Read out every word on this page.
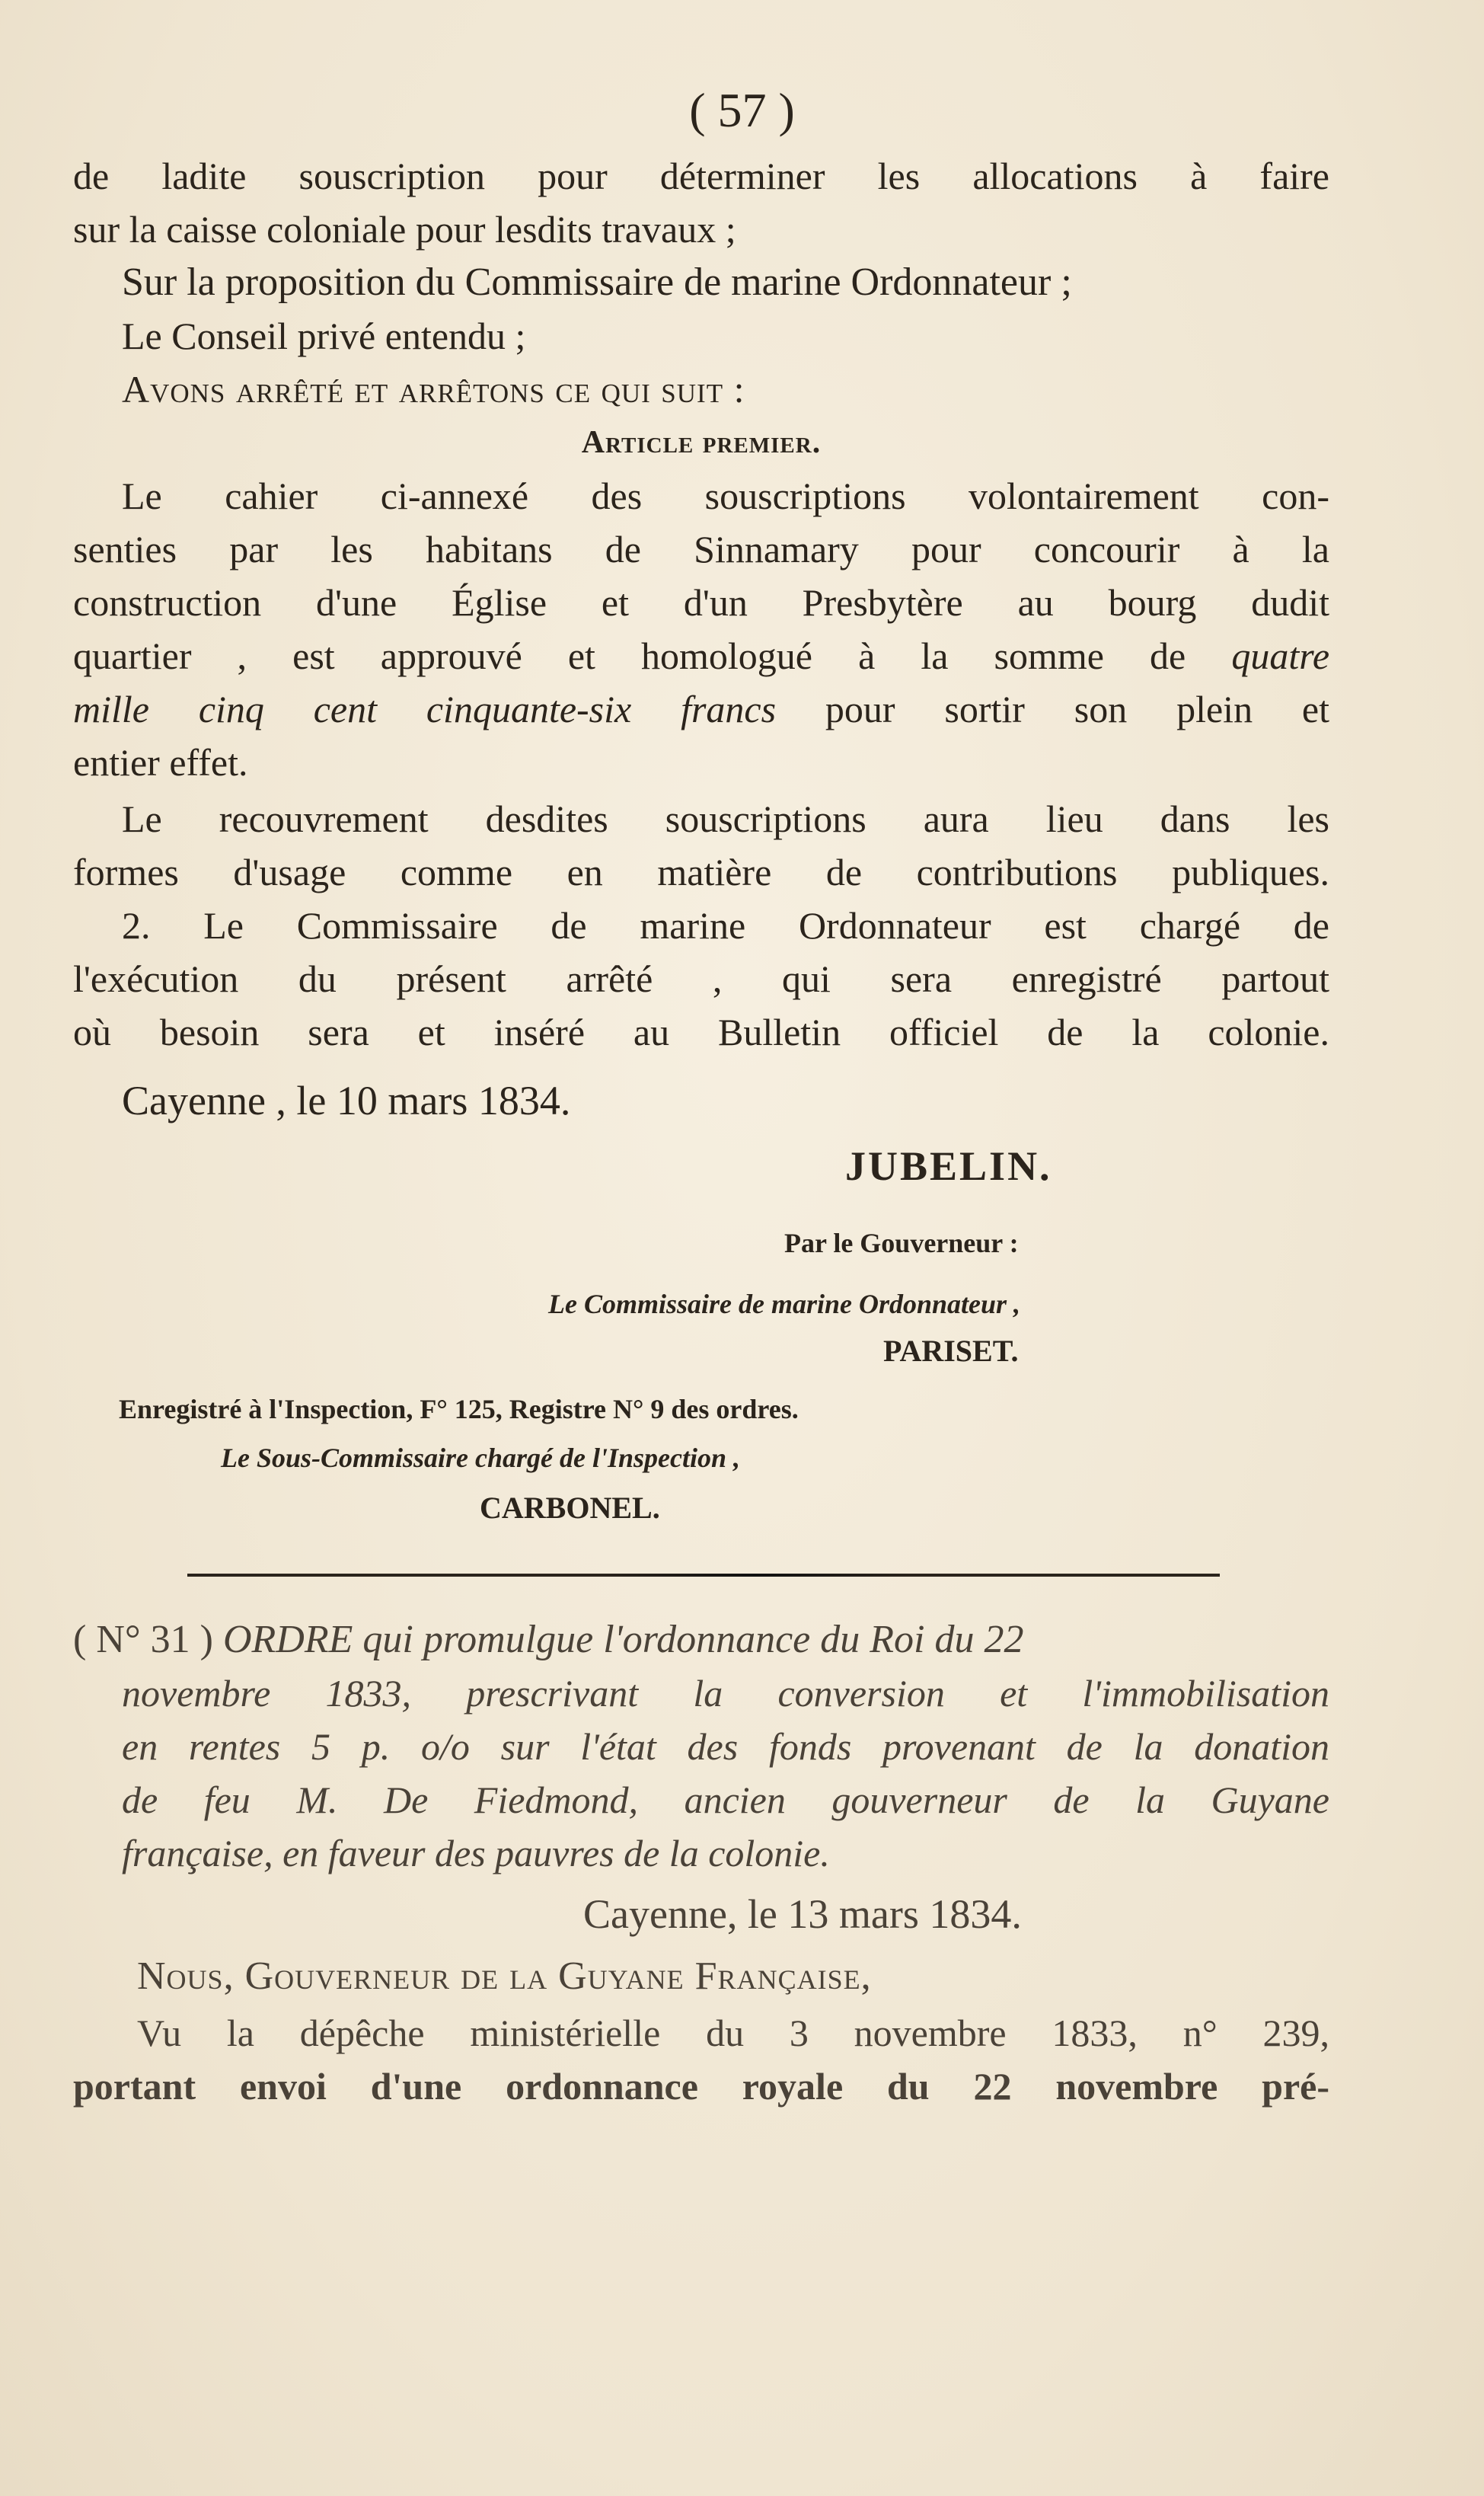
( 57 )
de ladite souscription pour déterminer les allocations à faire
sur la caisse coloniale pour lesdits travaux ;
Sur la proposition du Commissaire de marine Ordonnateur ;
Le Conseil privé entendu ;
Avons arrêté et arrêtons ce qui suit :
Article premier.
Le cahier ci-annexé des souscriptions volontairement con-
senties par les habitans de Sinnamary pour concourir à la
construction d'une Église et d'un Presbytère au bourg dudit
quartier , est approuvé et homologué à la somme de quatre
mille cinq cent cinquante-six francs pour sortir son plein et
entier effet.
Le recouvrement desdites souscriptions aura lieu dans les
formes d'usage comme en matière de contributions publiques.
2. Le Commissaire de marine Ordonnateur est chargé de
l'exécution du présent arrêté , qui sera enregistré partout
où besoin sera et inséré au Bulletin officiel de la colonie.
Cayenne , le 10 mars 1834.
JUBELIN.
Par le Gouverneur :
Le Commissaire de marine Ordonnateur ,
PARISET.
Enregistré à l'Inspection, F° 125, Registre N° 9 des ordres.
Le Sous-Commissaire chargé de l'Inspection ,
CARBONEL.
( N° 31 ) ORDRE qui promulgue l'ordonnance du Roi du 22
novembre 1833, prescrivant la conversion et l'immobilisation
en rentes 5 p. o/o sur l'état des fonds provenant de la donation
de feu M. De Fiedmond, ancien gouverneur de la Guyane
française, en faveur des pauvres de la colonie.
Cayenne, le 13 mars 1834.
Nous, Gouverneur de la Guyane Française,
Vu la dépêche ministérielle du 3 novembre 1833, n° 239,
portant envoi d'une ordonnance royale du 22 novembre pré-
